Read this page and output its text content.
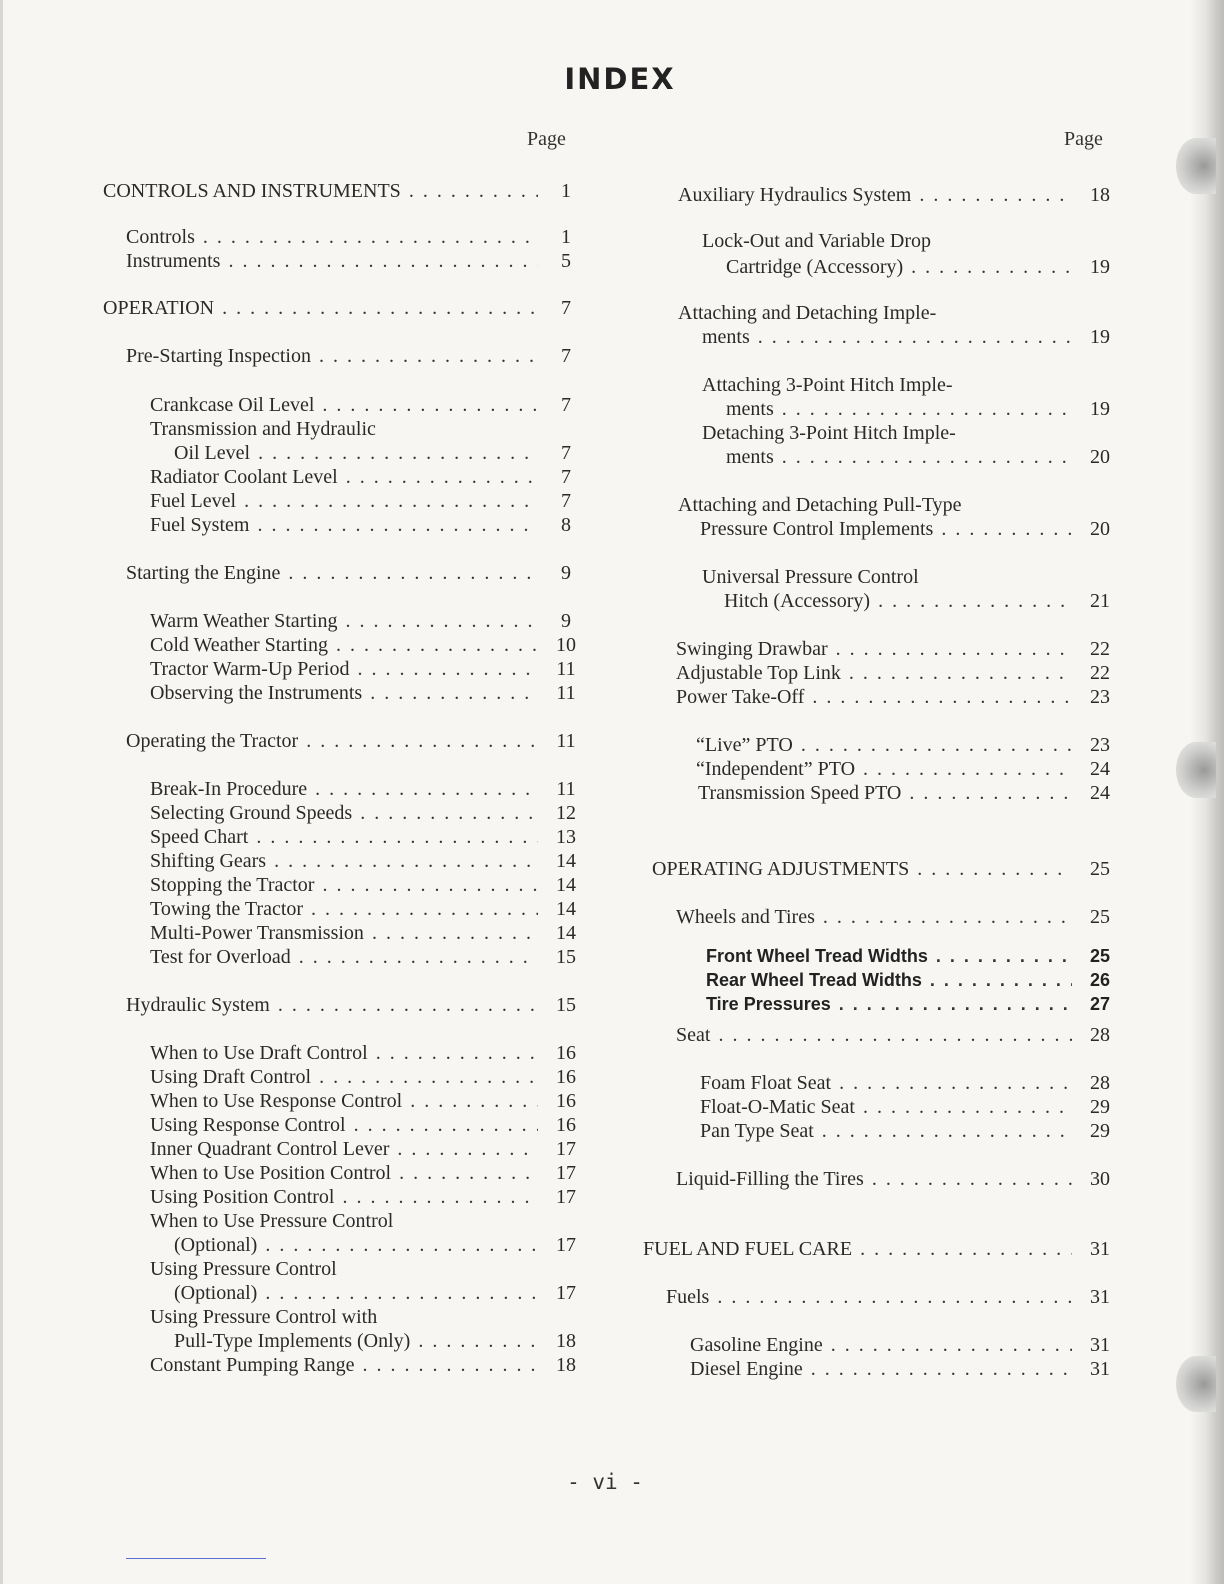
INDEX
Page	Page
CONTROLS AND INSTRUMENTS . . .	1
Controls . . .	1
Instruments . . .	5
OPERATION . . .	7
Pre-Starting Inspection . . .	7
Crankcase Oil Level . . .	7
Transmission and Hydraulic
Oil Level . . .	7
Radiator Coolant Level . . .	7
Fuel Level . . .	7
Fuel System . . .	8
Starting the Engine . . .	9
Warm Weather Starting . . .	9
Cold Weather Starting . . .	10
Tractor Warm-Up Period . . .	11
Observing the Instruments . . .	11
Operating the Tractor . . .	11
Break-In Procedure . . .	11
Selecting Ground Speeds . . .	12
Speed Chart . . .	13
Shifting Gears . . .	14
Stopping the Tractor . . .	14
Towing the Tractor . . .	14
Multi-Power Transmission . . .	14
Test for Overload . . .	15
Hydraulic System . . .	15
When to Use Draft Control . . .	16
Using Draft Control . . .	16
When to Use Response Control . . .	16
Using Response Control . . .	16
Inner Quadrant Control Lever . . .	17
When to Use Position Control . . .	17
Using Position Control . . .	17
When to Use Pressure Control
(Optional) . . .	17
Using Pressure Control
(Optional) . . .	17
Using Pressure Control with
Pull-Type Implements (Only) . . .	18
Constant Pumping Range . . .	18
Auxiliary Hydraulics System . . .	18
Lock-Out and Variable Drop
Cartridge (Accessory) . . .	19
Attaching and Detaching Imple-
ments . . .	19
Attaching 3-Point Hitch Imple-
ments . . .	19
Detaching 3-Point Hitch Imple-
ments . . .	20
Attaching and Detaching Pull-Type
Pressure Control Implements . . .	20
Universal Pressure Control
Hitch (Accessory) . . .	21
Swinging Drawbar . . .	22
Adjustable Top Link . . .	22
Power Take-Off . . .	23
“Live” PTO . . .	23
“Independent” PTO . . .	24
Transmission Speed PTO . . .	24
OPERATING ADJUSTMENTS . . .	25
Wheels and Tires . . .	25
Front Wheel Tread Widths . . .	25
Rear Wheel Tread Widths . . .	26
Tire Pressures . . .	27
Seat . . .	28
Foam Float Seat . . .	28
Float-O-Matic Seat . . .	29
Pan Type Seat . . .	29
Liquid-Filling the Tires . . .	30
FUEL AND FUEL CARE . . .	31
Fuels . . .	31
Gasoline Engine . . .	31
Diesel Engine . . .	31
- vi -
